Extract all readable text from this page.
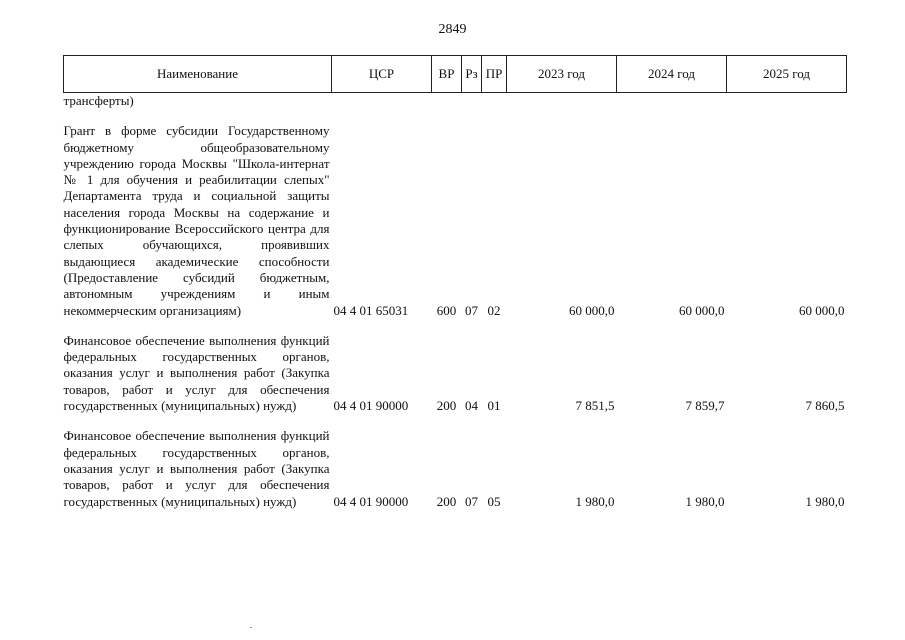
2849
Наименование	ЦСР	ВР	Рз	ПР	2023 год	2024 год	2025 год
трансферты)							

Грант в форме субсидии Государственному бюджетному общеобразовательному учреждению города Москвы "Школа-интернат № 1 для обучения и реабилитации слепых" Департамента труда и социальной защиты населения города Москвы на содержание и функционирование Всероссийского центра для слепых обучающихся, проявивших выдающиеся академические способности (Предоставление субсидий бюджетным, автономным учреждениям и иным некоммерческим организациям)	04 4 01 65031	600	07	02	60 000,0	60 000,0	60 000,0

Финансовое обеспечение выполнения функций федеральных государственных органов, оказания услуг и выполнения работ (Закупка товаров, работ и услуг для обеспечения государственных (муниципальных) нужд)	04 4 01 90000	200	04	01	7 851,5	7 859,7	7 860,5

Финансовое обеспечение выполнения функций федеральных государственных органов, оказания услуг и выполнения работ (Закупка товаров, работ и услуг для обеспечения государственных (муниципальных) нужд)	04 4 01 90000	200	07	05	1 980,0	1 980,0	1 980,0
